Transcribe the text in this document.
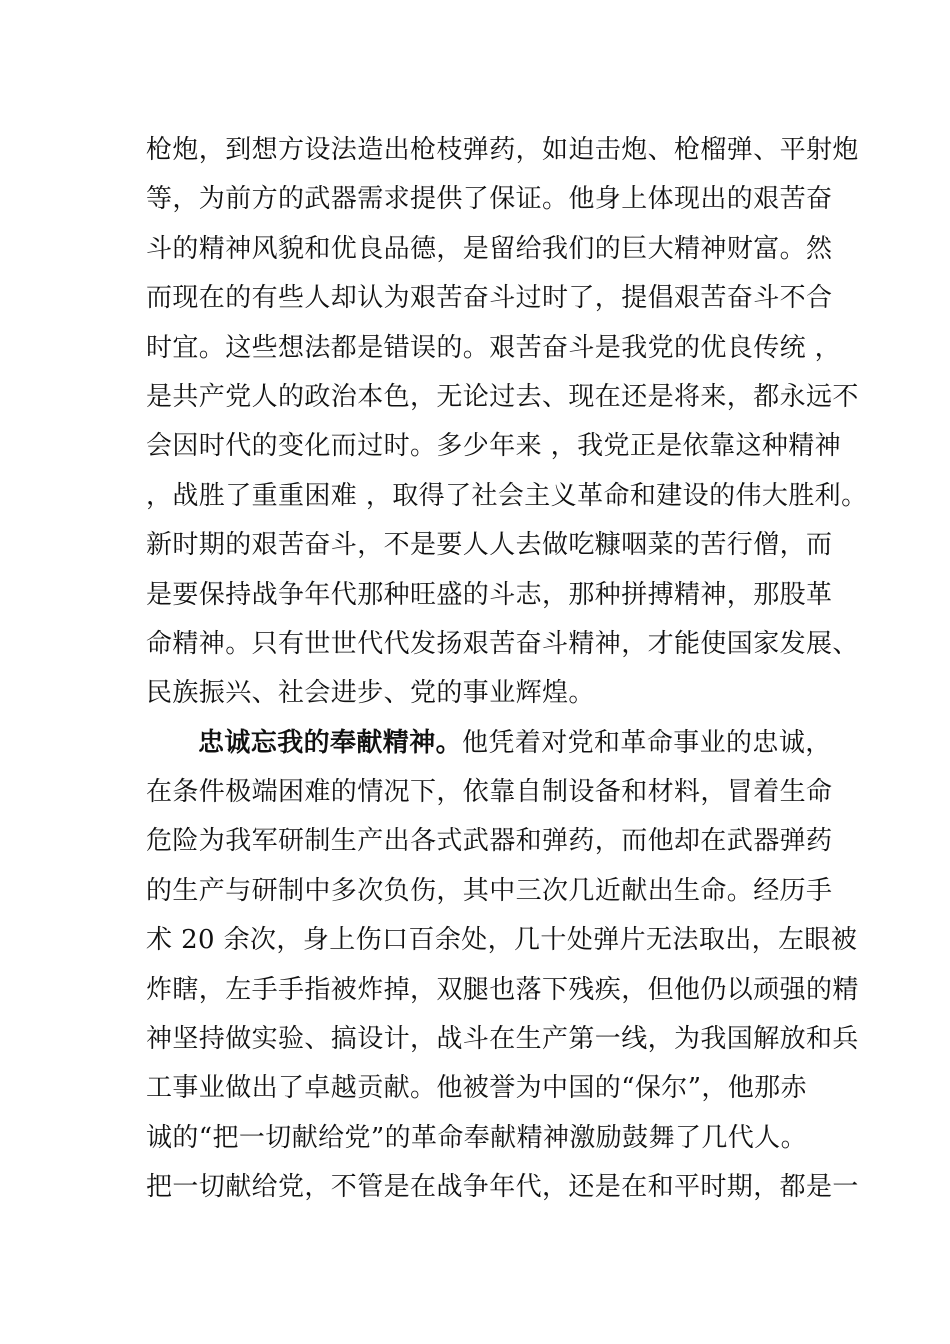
枪炮，到想方设法造出枪枝弹药，如迫击炮、枪榴弹、平射炮
等，为前方的武器需求提供了保证。他身上体现出的艰苦奋
斗的精神风貌和优良品德，是留给我们的巨大精神财富。然
而现在的有些人却认为艰苦奋斗过时了，提倡艰苦奋斗不合
时宜。这些想法都是错误的。艰苦奋斗是我党的优良传统 ，
是共产党人的政治本色，无论过去、现在还是将来，都永远不
会因时代的变化而过时。多少年来 ，我党正是依靠这种精神
，战胜了重重困难 ，取得了社会主义革命和建设的伟大胜利。
新时期的艰苦奋斗，不是要人人去做吃糠咽菜的苦行僧，而
是要保持战争年代那种旺盛的斗志，那种拼搏精神，那股革
命精神。只有世世代代发扬艰苦奋斗精神，才能使国家发展、
民族振兴、社会进步、党的事业辉煌。
忠诚忘我的奉献精神。他凭着对党和革命事业的忠诚，
在条件极端困难的情况下，依靠自制设备和材料，冒着生命
危险为我军研制生产出各式武器和弹药，而他却在武器弹药
的生产与研制中多次负伤，其中三次几近献出生命。经历手
术 20 余次，身上伤口百余处，几十处弹片无法取出，左眼被
炸瞎，左手手指被炸掉，双腿也落下残疾，但他仍以顽强的精
神坚持做实验、搞设计，战斗在生产第一线，为我国解放和兵
工事业做出了卓越贡献。他被誉为中国的“保尔”，他那赤
诚的“把一切献给党”的革命奉献精神激励鼓舞了几代人。
把一切献给党，不管是在战争年代，还是在和平时期，都是一
